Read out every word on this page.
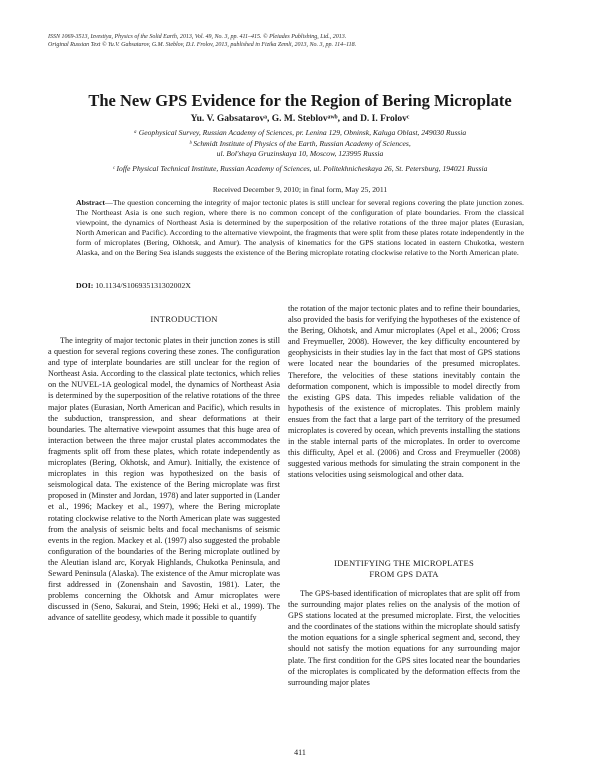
ISSN 1069-3513, Izvestiya, Physics of the Solid Earth, 2013, Vol. 49, No. 3, pp. 411–415. © Pleiades Publishing, Ltd., 2013.
Original Russian Text © Yu.V. Gabsatarov, G.M. Steblov, D.I. Frolov, 2013, published in Fizika Zemli, 2013, No. 3, pp. 114–118.
The New GPS Evidence for the Region of Bering Microplate
Yu. V. Gabsatarovᵃ, G. M. Steblovᵃʷᵇ, and D. I. Frolovᶜ
ᵃ Geophysical Survey, Russian Academy of Sciences, pr. Lenina 129, Obninsk, Kaluga Oblast, 249030 Russia
ᵇ Schmidt Institute of Physics of the Earth, Russian Academy of Sciences,
ul. Bol'shaya Gruzinskaya 10, Moscow, 123995 Russia
ᶜ Ioffe Physical Technical Institute, Russian Academy of Sciences, ul. Politekhnicheskaya 26, St. Petersburg, 194021 Russia
Received December 9, 2010; in final form, May 25, 2011
Abstract—The question concerning the integrity of major tectonic plates is still unclear for several regions covering the plate junction zones. The Northeast Asia is one such region, where there is no common concept of the configuration of plate boundaries. From the classical viewpoint, the dynamics of Northeast Asia is determined by the superposition of the relative rotations of the three major plates (Eurasian, North American and Pacific). According to the alternative viewpoint, the fragments that were split from these plates rotate independently in the form of microplates (Bering, Okhotsk, and Amur). The analysis of kinematics for the GPS stations located in eastern Chukotka, western Alaska, and on the Bering Sea islands suggests the existence of the Bering microplate rotating clockwise relative to the North American plate.
DOI: 10.1134/S106935131302002X
INTRODUCTION

The integrity of major tectonic plates in their junction zones is still a question for several regions covering these zones. The configuration and type of interplate boundaries are still unclear for the region of Northeast Asia. According to the classical plate tectonics, which relies on the NUVEL-1A geological model, the dynamics of Northeast Asia is determined by the superposition of the relative rotations of the three major plates (Eurasian, North American and Pacific), which results in the subduction, transpression, and shear deformations at their boundaries. The alternative viewpoint assumes that this huge area of interaction between the three major crustal plates accommodates the fragments split off from these plates, which rotate independently as microplates (Bering, Okhotsk, and Amur). Initially, the existence of microplates in this region was hypothesized on the basis of seismological data. The existence of the Bering microplate was first proposed in (Minster and Jordan, 1978) and later supported in (Lander et al., 1996; Mackey et al., 1997), where the Bering microplate rotating clockwise relative to the North American plate was suggested from the analysis of seismic belts and focal mechanisms of seismic events in the region. Mackey et al. (1997) also suggested the probable configuration of the boundaries of the Bering microplate outlined by the Aleutian island arc, Koryak Highlands, Chukotka Peninsula, and Seward Peninsula (Alaska). The existence of the Amur microplate was first addressed in (Zonenshain and Savostin, 1981). Later, the problems concerning the Okhotsk and Amur microplates were discussed in (Seno, Sakurai, and Stein, 1996; Heki et al., 1999). The advance of satellite geodesy, which made it possible to quantify

the rotation of the major tectonic plates and to refine their boundaries, also provided the basis for verifying the hypotheses of the existence of the Bering, Okhotsk, and Amur microplates (Apel et al., 2006; Cross and Freymueller, 2008). However, the key difficulty encountered by geophysicists in their studies lay in the fact that most of GPS stations were located near the boundaries of the presumed microplates. Therefore, the velocities of these stations inevitably contain the deformation component, which is impossible to model directly from the existing GPS data. This impedes reliable validation of the hypothesis of the existence of microplates. This problem mainly ensues from the fact that a large part of the territory of the presumed microplates is covered by ocean, which prevents installing the stations in the stable internal parts of the microplates. In order to overcome this difficulty, Apel et al. (2006) and Cross and Freymueller (2008) suggested various methods for simulating the strain component in the stations velocities using seismological and other data.

IDENTIFYING THE MICROPLATES
FROM GPS DATA

The GPS-based identification of microplates that are split off from the surrounding major plates relies on the analysis of the motion of GPS stations located at the presumed microplate. First, the velocities and the coordinates of the stations within the microplate should satisfy the motion equations for a single spherical segment and, second, they should not satisfy the motion equations for any surrounding major plate. The first condition for the GPS sites located near the boundaries of the microplates is complicated by the deformation effects from the surrounding major plates

411
